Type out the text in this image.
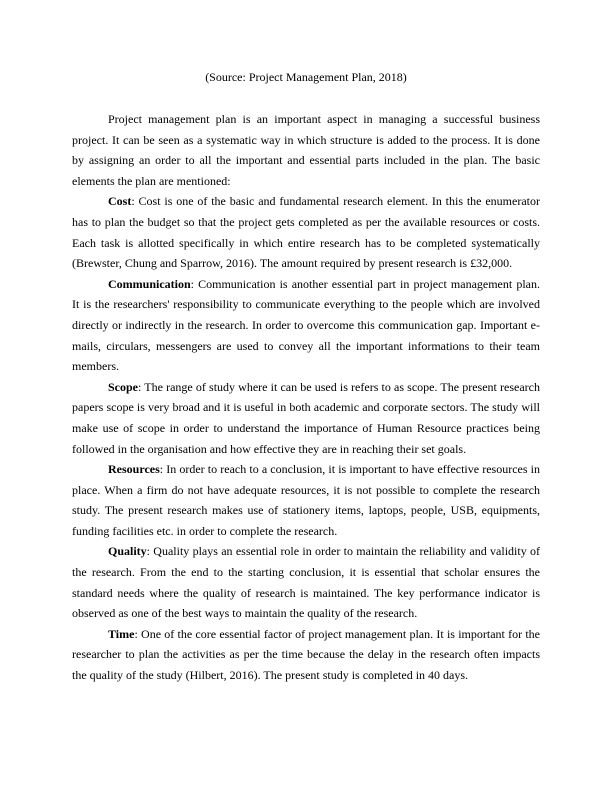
(Source: Project Management Plan, 2018)

Project management plan is an important aspect in managing a successful business project. It can be seen as a systematic way in which structure is added to the process. It is done by assigning an order to all the important and essential parts included in the plan. The basic elements the plan are mentioned:

Cost: Cost is one of the basic and fundamental research element. In this the enumerator has to plan the budget so that the project gets completed as per the available resources or costs. Each task is allotted specifically in which entire research has to be completed systematically (Brewster, Chung and Sparrow, 2016). The amount required by present research is £32,000.

Communication: Communication is another essential part in project management plan. It is the researchers' responsibility to communicate everything to the people which are involved directly or indirectly in the research. In order to overcome this communication gap. Important e-mails, circulars, messengers are used to convey all the important informations to their team members.

Scope: The range of study where it can be used is refers to as scope. The present research papers scope is very broad and it is useful in both academic and corporate sectors. The study will make use of scope in order to understand the importance of Human Resource practices being followed in the organisation and how effective they are in reaching their set goals.

Resources: In order to reach to a conclusion, it is important to have effective resources in place. When a firm do not have adequate resources, it is not possible to complete the research study. The present research makes use of stationery items, laptops, people, USB, equipments, funding facilities etc. in order to complete the research.

Quality: Quality plays an essential role in order to maintain the reliability and validity of the research. From the end to the starting conclusion, it is essential that scholar ensures the standard needs where the quality of research is maintained. The key performance indicator is observed as one of the best ways to maintain the quality of the research.

Time: One of the core essential factor of project management plan. It is important for the researcher to plan the activities as per the time because the delay in the research often impacts the quality of the study (Hilbert, 2016). The present study is completed in 40 days.
